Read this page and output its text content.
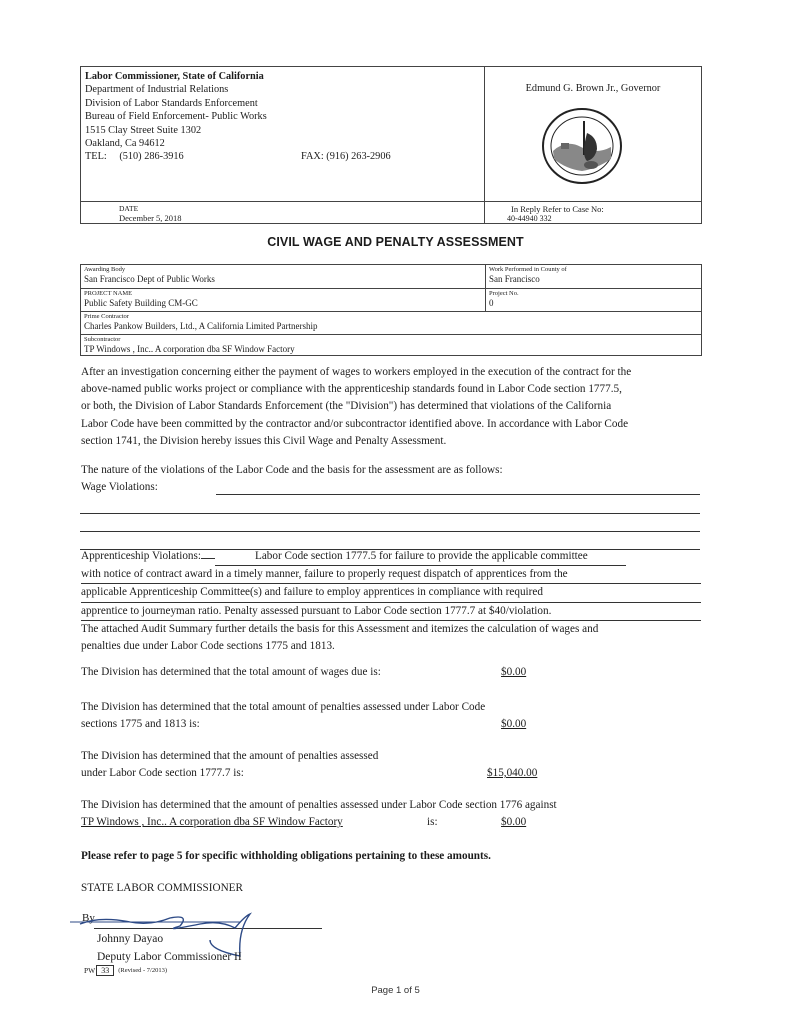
Labor Commissioner, State of California
Department of Industrial Relations
Division of Labor Standards Enforcement
Bureau of Field Enforcement- Public Works
1515 Clay Street Suite 1302
Oakland, Ca 94612
TEL: (510) 286-3916	FAX: (916) 263-2906
Edmund G. Brown Jr., Governor
DATE
December 5, 2018
In Reply Refer to Case No:
40-44940 332
CIVIL WAGE AND PENALTY ASSESSMENT
Awarding Body
San Francisco Dept of Public Works
Work Performed in County of
San Francisco
PROJECT NAME
Public Safety Building CM-GC
Project No.
0
Prime Contractor
Charles Pankow Builders, Ltd., A California Limited Partnership
Subcontractor
TP Windows , Inc.. A corporation dba SF Window Factory
After an investigation concerning either the payment of wages to workers employed in the execution of the contract for the
above-named public works project or compliance with the apprenticeship standards found in Labor Code section 1777.5,
or both, the Division of Labor Standards Enforcement (the "Division") has determined that violations of the California
Labor Code have been committed by the contractor and/or subcontractor identified above. In accordance with Labor Code
section 1741, the Division hereby issues this Civil Wage and Penalty Assessment.
The nature of the violations of the Labor Code and the basis for the assessment are as follows:
Wage Violations:
Apprenticeship Violations:	Labor Code section 1777.5 for failure to provide the applicable committee
with notice of contract award in a timely manner, failure to properly request dispatch of apprentices from the
applicable Apprenticeship Committee(s) and failure to employ apprentices in compliance with required
apprentice to journeyman ratio. Penalty assessed pursuant to Labor Code section 1777.7 at $40/violation.
The attached Audit Summary further details the basis for this Assessment and itemizes the calculation of wages and
penalties due under Labor Code sections 1775 and 1813.
The Division has determined that the total amount of wages due is:	$0.00
The Division has determined that the total amount of penalties assessed under Labor Code
sections 1775 and 1813 is:	$0.00
The Division has determined that the amount of penalties assessed
under Labor Code section 1777.7 is:	$15,040.00
The Division has determined that the amount of penalties assessed under Labor Code section 1776 against
TP Windows , Inc.. A corporation dba SF Window Factory	is:	$0.00
Please refer to page 5 for specific withholding obligations pertaining to these amounts.
STATE LABOR COMMISSIONER
By
Johnny Dayao
Deputy Labor Commissioner II
PW 33	(Revised - 7/2013)
Page 1 of 5
